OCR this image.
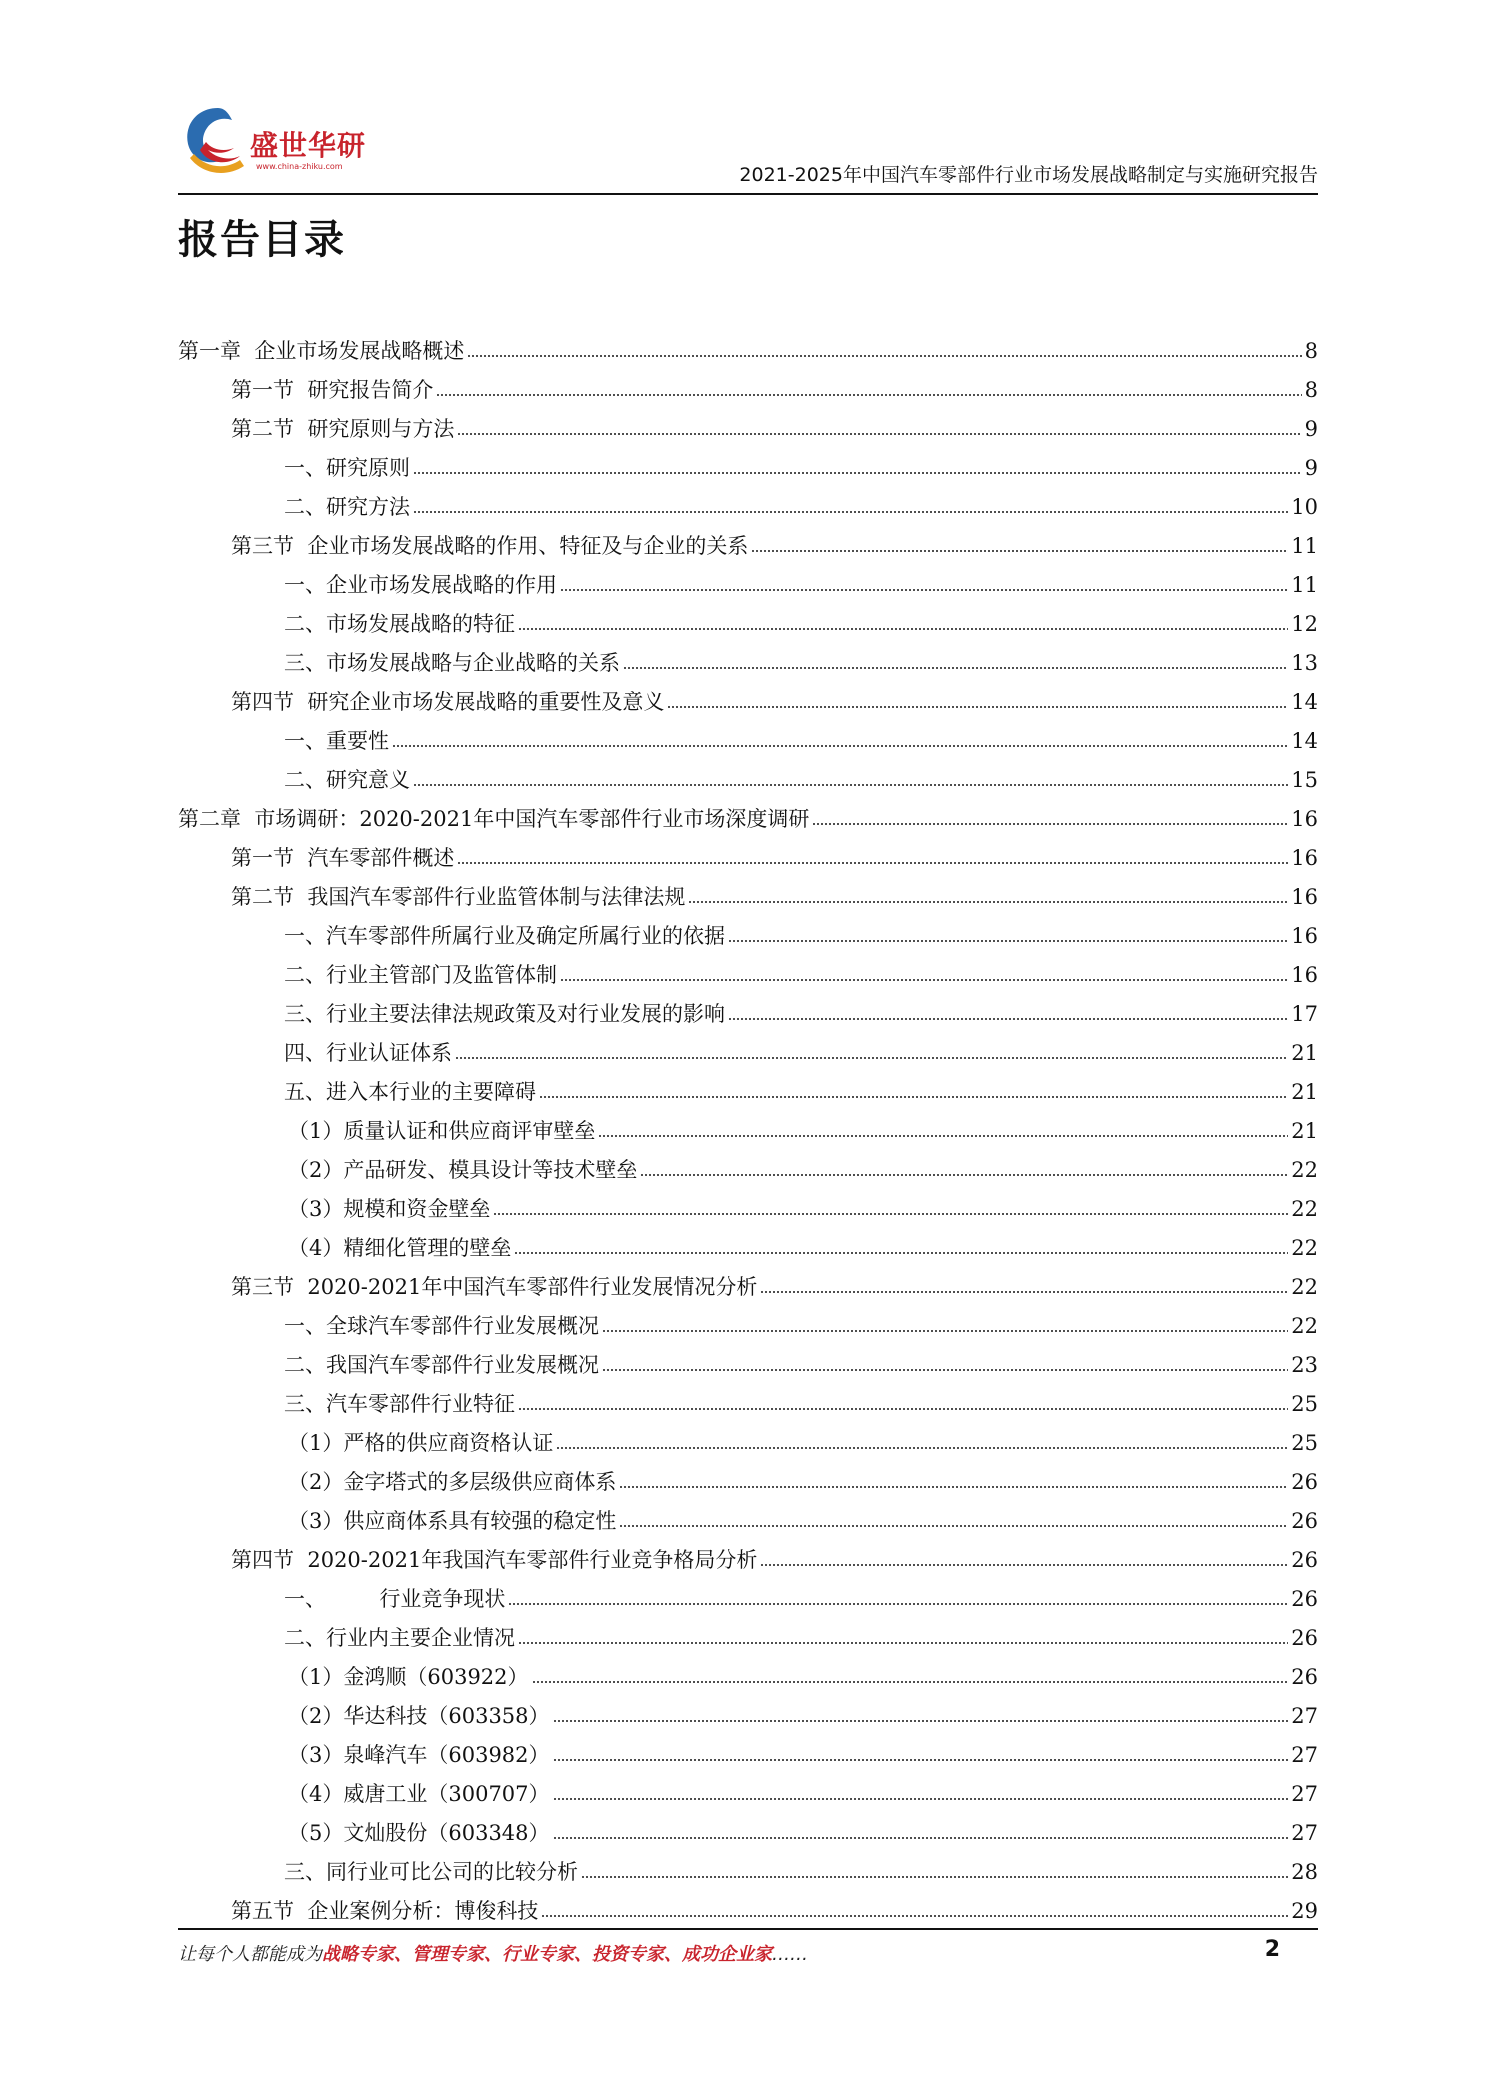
盛世华研
www.china-zhiku.com	2021-2025年中国汽车零部件行业市场发展战略制定与实施研究报告
报告目录
第一章  企业市场发展战略概述	8
第一节  研究报告简介	8
第二节  研究原则与方法	9
一、研究原则	9
二、研究方法	10
第三节  企业市场发展战略的作用、特征及与企业的关系	11
一、企业市场发展战略的作用	11
二、市场发展战略的特征	12
三、市场发展战略与企业战略的关系	13
第四节  研究企业市场发展战略的重要性及意义	14
一、重要性	14
二、研究意义	15
第二章  市场调研：2020-2021年中国汽车零部件行业市场深度调研	16
第一节  汽车零部件概述	16
第二节  我国汽车零部件行业监管体制与法律法规	16
一、汽车零部件所属行业及确定所属行业的依据	16
二、行业主管部门及监管体制	16
三、行业主要法律法规政策及对行业发展的影响	17
四、行业认证体系	21
五、进入本行业的主要障碍	21
（1）质量认证和供应商评审壁垒	21
（2）产品研发、模具设计等技术壁垒	22
（3）规模和资金壁垒	22
（4）精细化管理的壁垒	22
第三节  2020-2021年中国汽车零部件行业发展情况分析	22
一、全球汽车零部件行业发展概况	22
二、我国汽车零部件行业发展概况	23
三、汽车零部件行业特征	25
（1）严格的供应商资格认证	25
（2）金字塔式的多层级供应商体系	26
（3）供应商体系具有较强的稳定性	26
第四节  2020-2021年我国汽车零部件行业竞争格局分析	26
一、        行业竞争现状	26
二、行业内主要企业情况	26
（1）金鸿顺（603922）	26
（2）华达科技（603358）	27
（3）泉峰汽车（603982）	27
（4）威唐工业（300707）	27
（5）文灿股份（603348）	27
三、同行业可比公司的比较分析	28
第五节  企业案例分析：博俊科技	29
让每个人都能成为战略专家、管理专家、行业专家、投资专家、成功企业家……	2
